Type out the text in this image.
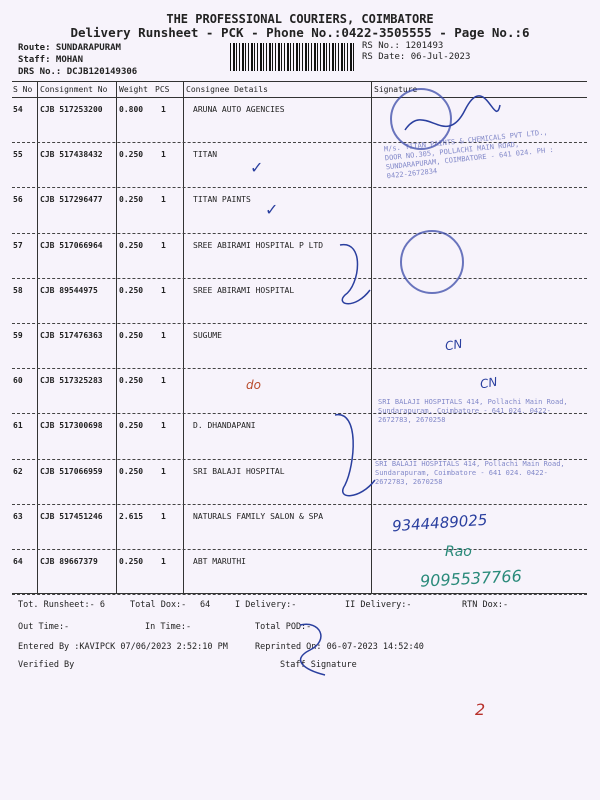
THE PROFESSIONAL COURIERS, COIMBATORE
Delivery Runsheet - PCK - Phone No.:0422-3505555 - Page No.:6
Route: SUNDARAPURAM
Staff: MOHAN
DRS No.: DCJB120149306
RS No.: 1201493
RS Date: 06-Jul-2023
S No Consignment No Weight PCS Consignee Details	Signature
54 CJB 517253200 0.800 1	ARUNA AUTO AGENCIES
55 CJB 517438432 0.250 1	TITAN
56 CJB 517296477 0.250 1	TITAN PAINTS
57 CJB 517066964 0.250 1	SREE ABIRAMI HOSPITAL P LTD
58 CJB 89544975	0.250 1	SREE ABIRAMI HOSPITAL
59 CJB 517476363 0.250 1	SUGUME
60 CJB 517325283 0.250 1
61 CJB 517300698 0.250 1	D. DHANDAPANI
62 CJB 517066959 0.250 1	SRI BALAJI HOSPITAL
63 CJB 517451246 2.615 1	NATURALS FAMILY SALON & SPA
64 CJB 89667379	0.250 1	ABT MARUTHI
M/s. TITAN PAINTS & CHEMICALS PVT LTD., DOOR NO.305, POLLACHI MAIN ROAD, SUNDARAPURAM, COIMBATORE - 641 024. PH : 0422-2672834
✓
✓
CN
CN
do
SRI BALAJI HOSPITALS 414, Pollachi Main Road, Sundarapuram, Coimbatore - 641 024. 0422-2672783, 2670258
SRI BALAJI HOSPITALS 414, Pollachi Main Road, Sundarapuram, Coimbatore - 641 024. 0422-2672783, 2670258
9344489025
Rao
9095537766
Tot. Runsheet:- 6	Total Dox:- 64	I Delivery:-	II Delivery:-	RTN Dox:-
Out Time:-	In Time:-	Total POD:-
Entered By :KAVIPCK 07/06/2023 2:52:10 PM	Reprinted On: 06-07-2023 14:52:40
Verified By	Staff Signature
2
